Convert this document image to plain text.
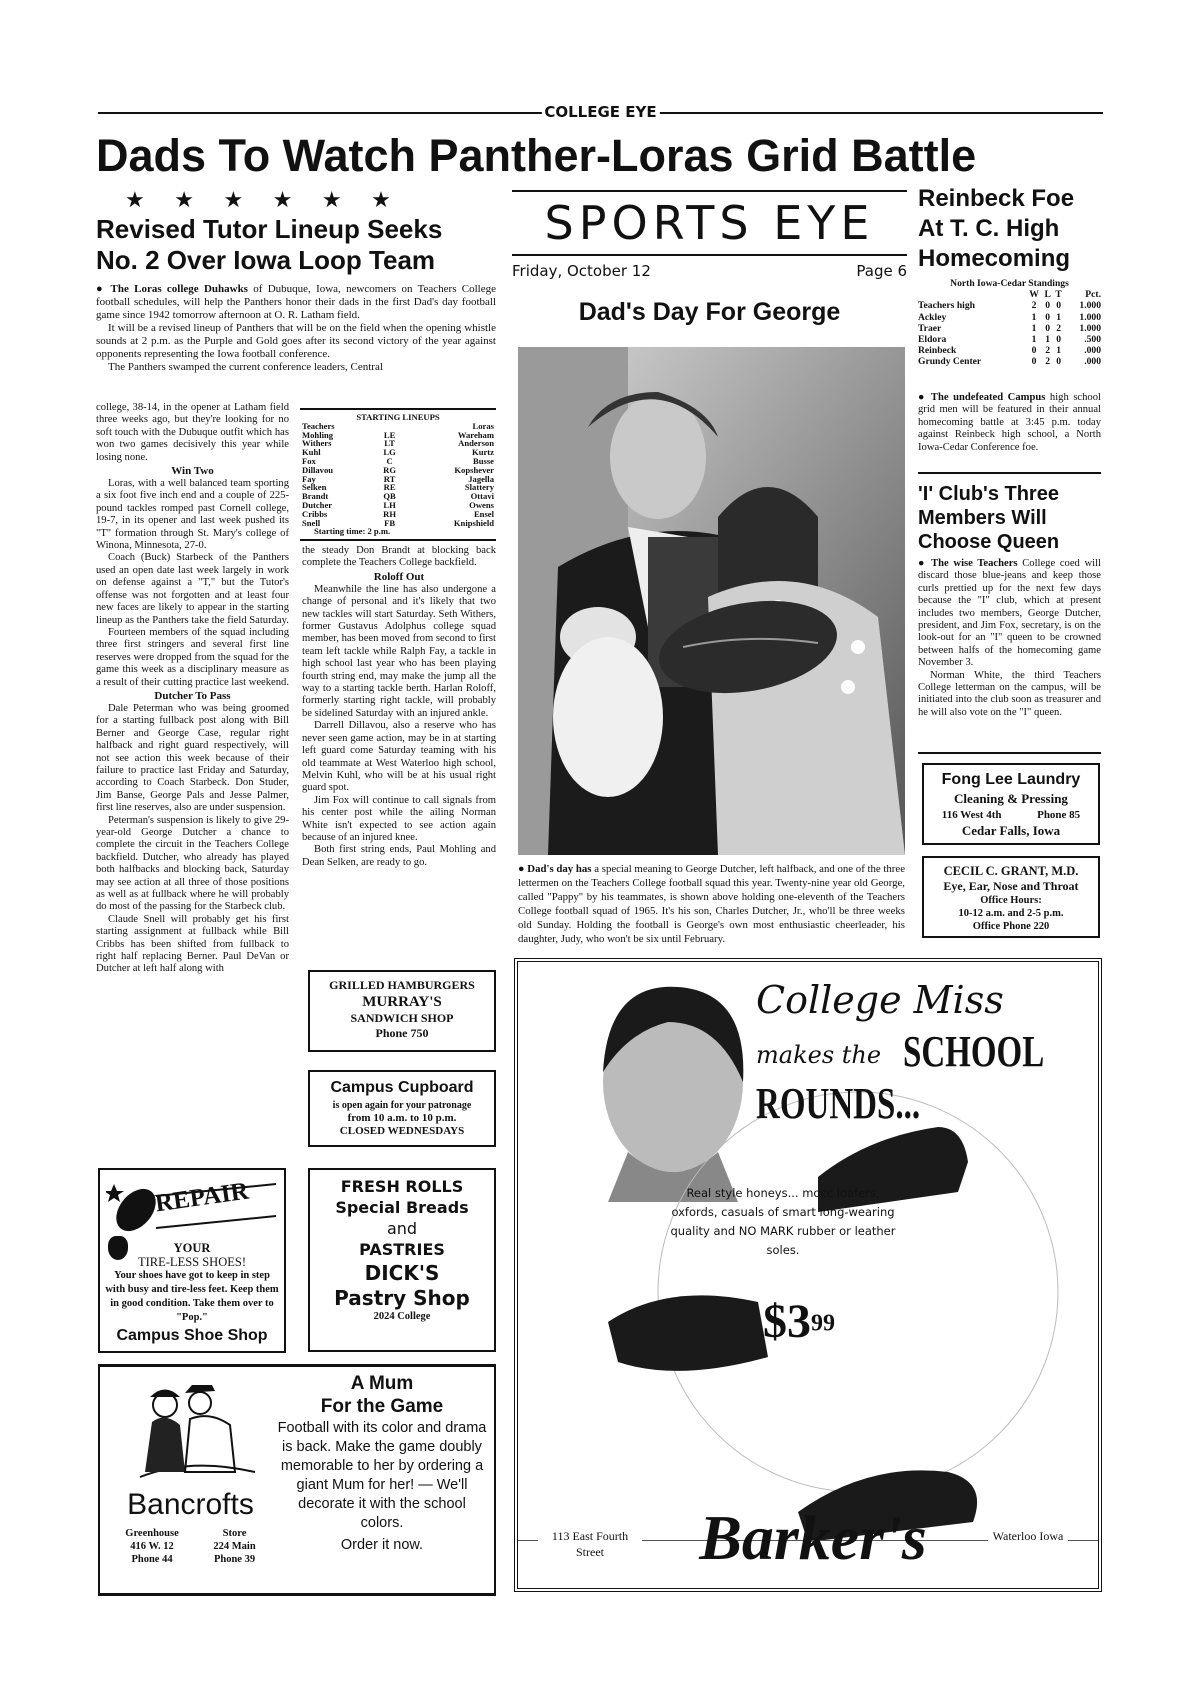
COLLEGE EYE
Dads To Watch Panther-Loras Grid Battle
★ ★ ★ ★ ★ ★
Revised Tutor Lineup Seeks
No. 2 Over Iowa Loop Team

● The Loras college Duhawks of Dubuque, Iowa, newcomers on Teachers College football schedules, will help the Panthers honor their dads in the first Dad's day football game since 1942 tomorrow afternoon at O. R. Latham field.

It will be a revised lineup of Panthers that will be on the field when the opening whistle sounds at 2 p.m. as the Purple and Gold goes after its second victory of the year against opponents representing the Iowa football conference.

The Panthers swamped the current conference leaders, Central

college, 38-14, in the opener at Latham field three weeks ago, but they're looking for no soft touch with the Dubuque outfit which has won two games decisively this year while losing none.

Win Two

Loras, with a well balanced team sporting a six foot five inch end and a couple of 225-pound tackles romped past Cornell college, 19-7, in its opener and last week pushed its "T" formation through St. Mary's college of Winona, Minnesota, 27-0.

Coach (Buck) Starbeck of the Panthers used an open date last week largely in work on defense against a "T," but the Tutor's offense was not forgotten and at least four new faces are likely to appear in the starting lineup as the Panthers take the field Saturday.

Fourteen members of the squad including three first stringers and several first line reserves were dropped from the squad for the game this week as a disciplinary measure as a result of their cutting practice last weekend.

Dutcher To Pass

Dale Peterman who was being groomed for a starting fullback post along with Bill Berner and George Case, regular right halfback and right guard respectively, will not see action this week because of their failure to practice last Friday and Saturday, according to Coach Starbeck. Don Studer, Jim Banse, George Pals and Jesse Palmer, first line reserves, also are under suspension.

Peterman's suspension is likely to give 29-year-old George Dutcher a chance to complete the circuit in the Teachers College backfield. Dutcher, who already has played both halfbacks and blocking back, Saturday may see action at all three of those positions as well as at fullback where he will probably do most of the passing for the Starbeck club.

Claude Snell will probably get his first starting assignment at fullback while Bill Cribbs has been shifted from fullback to right half replacing Berner. Paul DeVan or Dutcher at left half along with

STARTING LINEUPS
Teachers		Loras
Mohling	LE	Wareham
Withers	LT	Anderson
Kuhl	LG	Kurtz
Fox	C	Busse
Dillavou	RG	Kopshever
Fay	RT	Jagella
Selken	RE	Slattery
Brandt	QB	Ottavi
Dutcher	LH	Owens
Cribbs	RH	Ensel
Snell	FB	Knipshield
Starting time: 2 p.m.

the steady Don Brandt at blocking back complete the Teachers College backfield.

Roloff Out

Meanwhile the line has also undergone a change of personal and it's likely that two new tackles will start Saturday. Seth Withers, former Gustavus Adolphus college squad member, has been moved from second to first team left tackle while Ralph Fay, a tackle in high school last year who has been playing fourth string end, may make the jump all the way to a starting tackle berth. Harlan Roloff, formerly starting right tackle, will probably be sidelined Saturday with an injured ankle.

Darrell Dillavou, also a reserve who has never seen game action, may be in at starting left guard come Saturday teaming with his old teammate at West Waterloo high school, Melvin Kuhl, who will be at his usual right guard spot.

Jim Fox will continue to call signals from his center post while the ailing Norman White isn't expected to see action again because of an injured knee.

Both first string ends, Paul Mohling and Dean Selken, are ready to go.

SPORTS EYE
Friday, October 12	Page 6
Dad's Day For George

● Dad's day has a special meaning to George Dutcher, left halfback, and one of the three lettermen on the Teachers College football squad this year. Twenty-nine year old George, called "Pappy" by his teammates, is shown above holding one-eleventh of the Teachers College football squad of 1965. It's his son, Charles Dutcher, Jr., who'll be three weeks old Sunday. Holding the football is George's own most enthusiastic cheerleader, his daughter, Judy, who won't be six until February.

Reinbeck Foe
At T. C. High
Homecoming
North Iowa-Cedar Standings
	W	L	T	Pct.
Teachers high	2	0	0	1.000
Ackley	1	0	1	1.000
Traer	1	0	2	1.000
Eldora	1	1	0	.500
Reinbeck	0	2	1	.000
Grundy Center	0	2	0	.000

● The undefeated Campus high school grid men will be featured in their annual homecoming battle at 3:45 p.m. today against Reinbeck high school, a North Iowa-Cedar Conference foe.

'I' Club's Three
Members Will
Choose Queen

● The wise Teachers College coed will discard those blue-jeans and keep those curls prettied up for the next few days because the "I" club, which at present includes two members, George Dutcher, president, and Jim Fox, secretary, is on the look-out for an "I" queen to be crowned between halfs of the homecoming game November 3.

Norman White, the third Teachers College letterman on the campus, will be initiated into the club soon as treasurer and he will also vote on the "I" queen.

Fong Lee Laundry
Cleaning & Pressing
116 West 4th	Phone 85
Cedar Falls, Iowa
CECIL C. GRANT, M.D.
Eye, Ear, Nose and Throat
Office Hours:
10-12 a.m. and 2-5 p.m.
Office Phone 220
GRILLED HAMBURGERS
MURRAY'S
SANDWICH SHOP
Phone 750
Campus Cupboard
is open again for your patronage
from 10 a.m. to 10 p.m.
CLOSED WEDNESDAYS
REPAIR
YOUR
TIRE-LESS SHOES!
Your shoes have got to keep in step with busy and tire-less feet. Keep them in good condition. Take them over to "Pop."
Campus Shoe Shop
FRESH ROLLS
Special Breads
and
PASTRIES
DICK'S
Pastry Shop
2024 College
Bancrofts
Greenhouse
416 W. 12
Phone 44
Store
224 Main
Phone 39
A Mum
For the Game
Football with its color and drama is back. Make the game doubly memorable to her by ordering a giant Mum for her! — We'll decorate it with the school colors.
Order it now.
College Miss
makes the SCHOOL
ROUNDS...
Real style honeys... mocc loafers, oxfords, casuals of smart long-wearing quality and NO MARK rubber or leather soles.
$\$3^{99}$
113 East Fourth Street	Barker's	Waterloo Iowa
